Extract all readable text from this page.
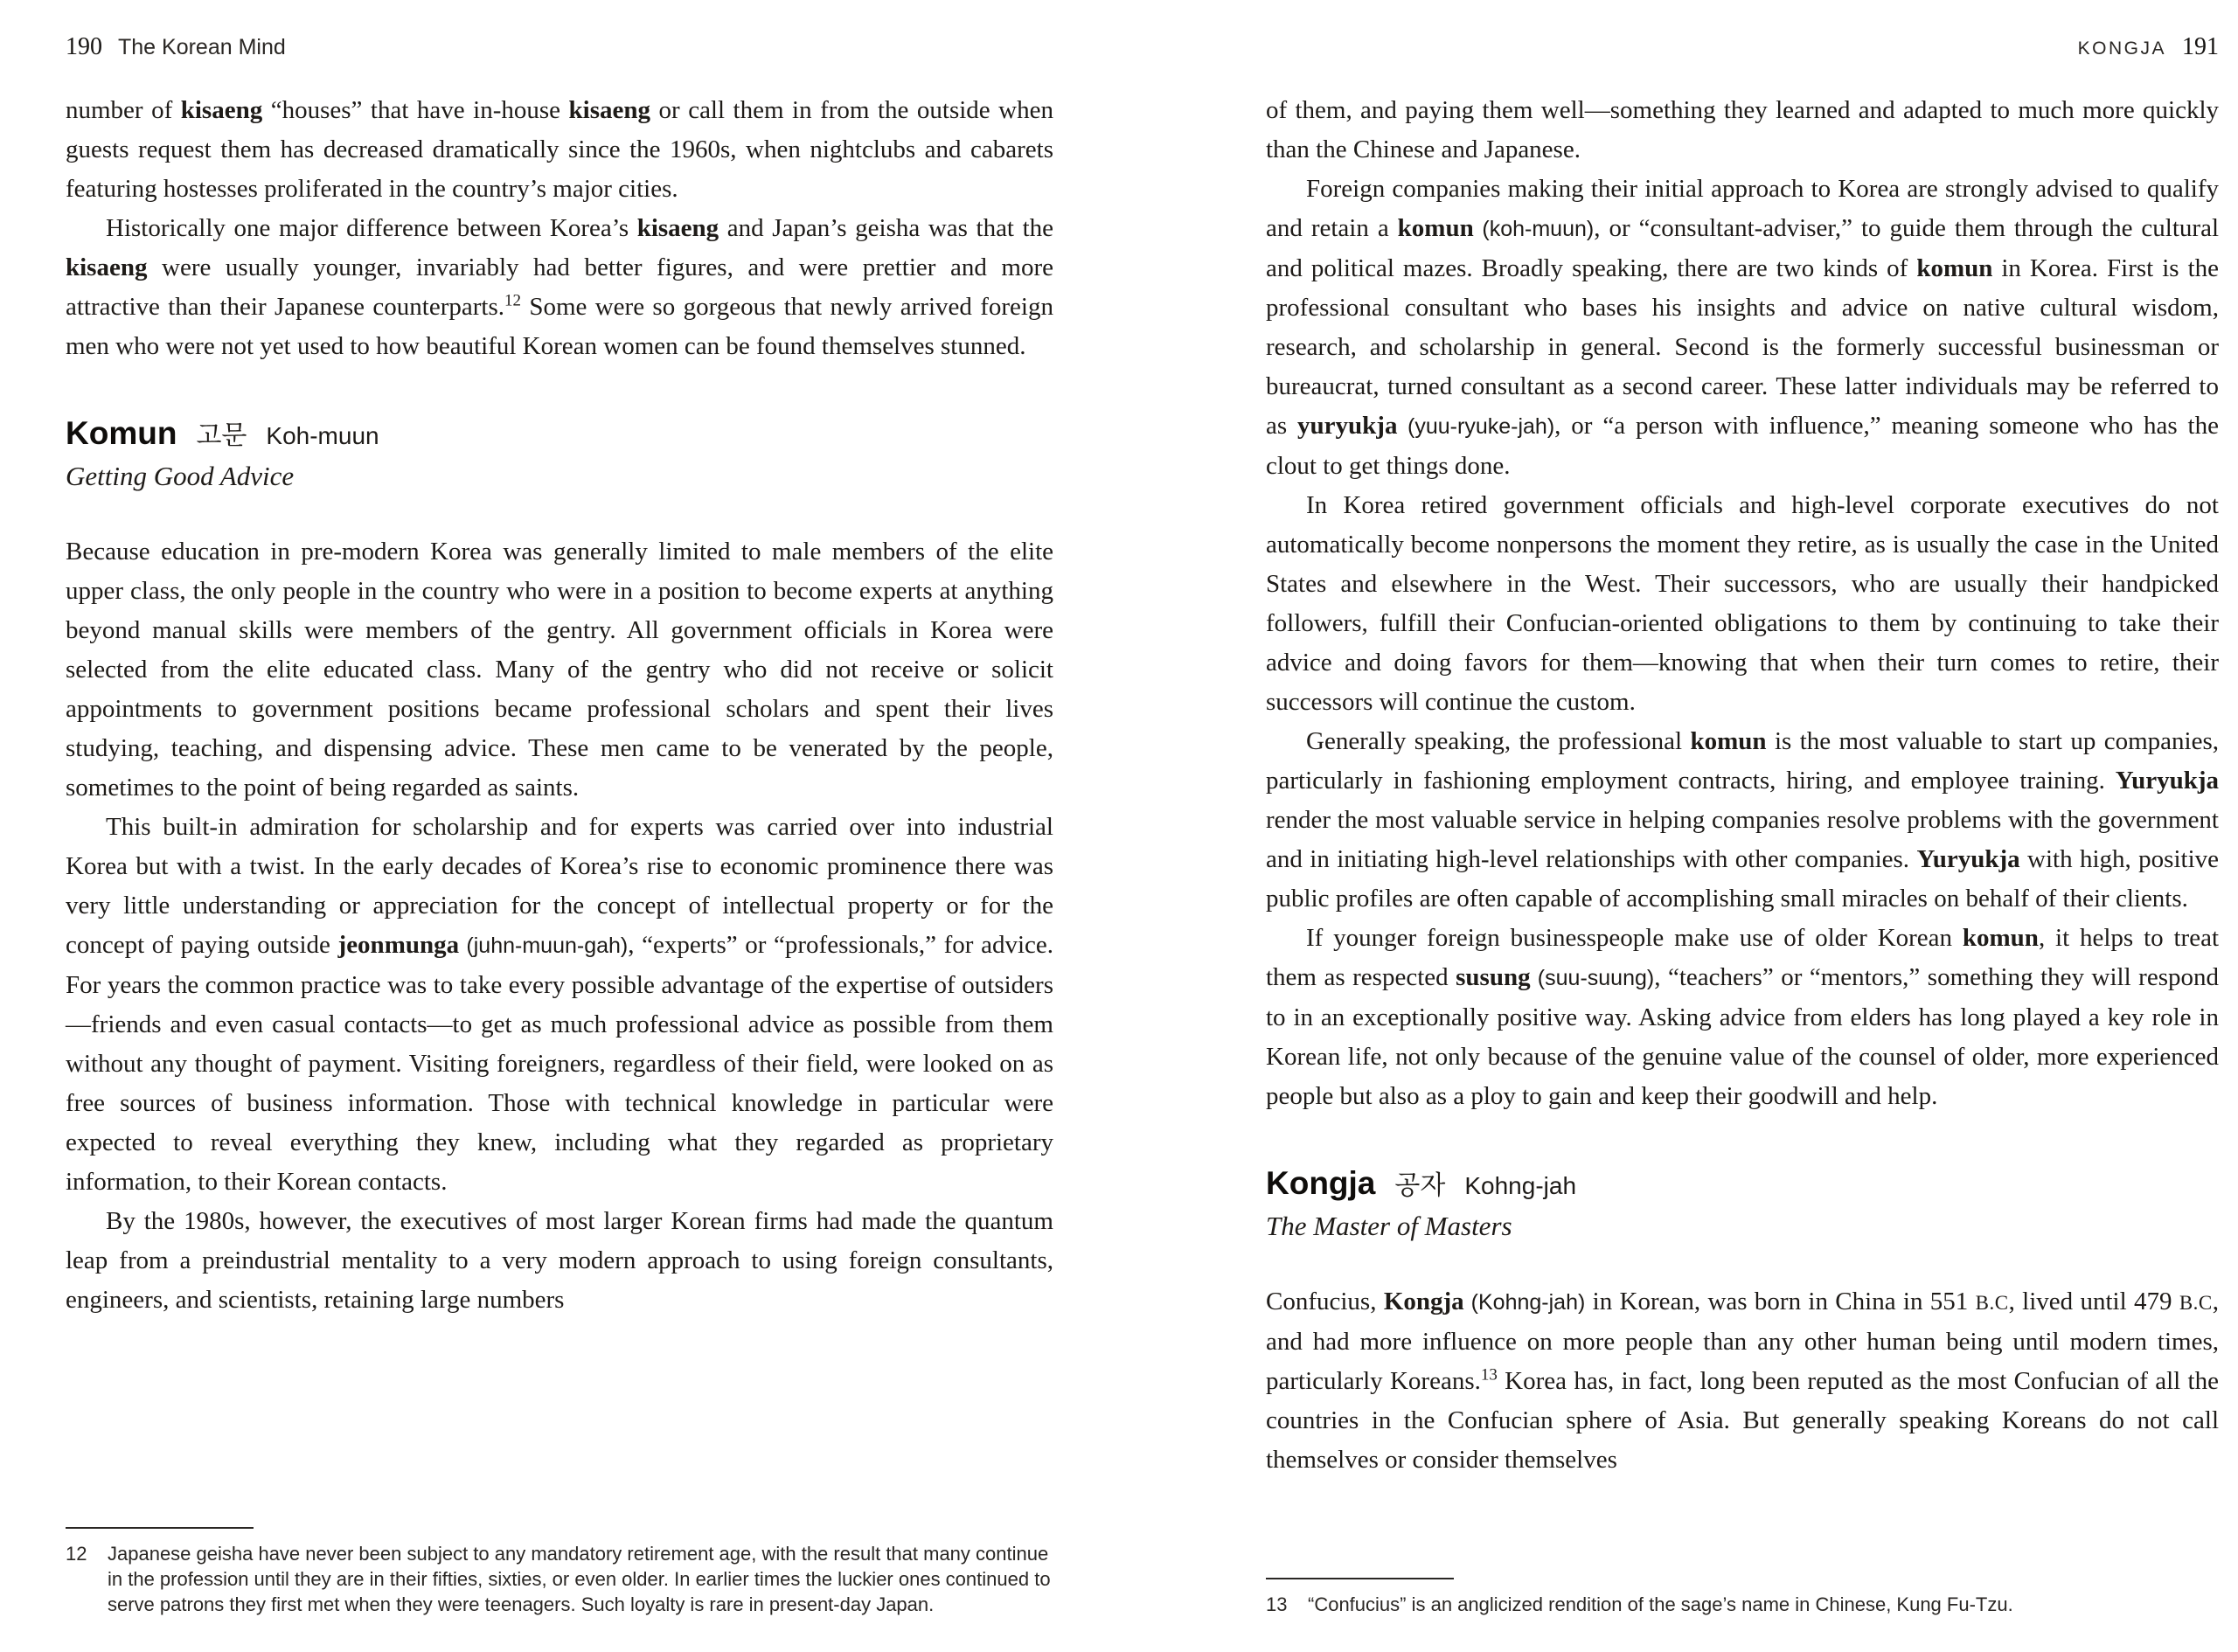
190 The Korean Mind

number of kisaeng “houses” that have in-house kisaeng or call them in from the outside when guests request them has decreased dramatically since the 1960s, when nightclubs and cabarets featuring hostesses proliferated in the country’s major cities.

Historically one major difference between Korea’s kisaeng and Japan’s geisha was that the kisaeng were usually younger, invariably had better figures, and were prettier and more attractive than their Japanese counterparts.$^{12}$ Some were so gorgeous that newly arrived foreign men who were not yet used to how beautiful Korean women can be found themselves stunned.

Komun 고문 Koh-muun
Getting Good Advice

Because education in pre-modern Korea was generally limited to male members of the elite upper class, the only people in the country who were in a position to become experts at anything beyond manual skills were members of the gentry. All government officials in Korea were selected from the elite educated class. Many of the gentry who did not receive or solicit appointments to government positions became professional scholars and spent their lives studying, teaching, and dispensing advice. These men came to be venerated by the people, sometimes to the point of being regarded as saints.

This built-in admiration for scholarship and for experts was carried over into industrial Korea but with a twist. In the early decades of Korea’s rise to economic prominence there was very little understanding or appreciation for the concept of intellectual property or for the concept of paying outside jeonmunga (juhn-muun-gah), “experts” or “professionals,” for advice. For years the common practice was to take every possible advantage of the expertise of outsiders—friends and even casual contacts—to get as much professional advice as possible from them without any thought of payment. Visiting foreigners, regardless of their field, were looked on as free sources of business information. Those with technical knowledge in particular were expected to reveal everything they knew, including what they regarded as proprietary information, to their Korean contacts.

By the 1980s, however, the executives of most larger Korean firms had made the quantum leap from a preindustrial mentality to a very modern approach to using foreign consultants, engineers, and scientists, retaining large numbers

12	Japanese geisha have never been subject to any mandatory retirement age, with the result that many continue in the profession until they are in their fifties, sixties, or even older. In earlier times the luckier ones continued to serve patrons they first met when they were teenagers. Such loyalty is rare in present-day Japan.
KONGJA 191

of them, and paying them well—something they learned and adapted to much more quickly than the Chinese and Japanese.

Foreign companies making their initial approach to Korea are strongly advised to qualify and retain a komun (koh-muun), or “consultant-adviser,” to guide them through the cultural and political mazes. Broadly speaking, there are two kinds of komun in Korea. First is the professional consultant who bases his insights and advice on native cultural wisdom, research, and scholarship in general. Second is the formerly successful businessman or bureaucrat, turned consultant as a second career. These latter individuals may be referred to as yuryukja (yuu-ryuke-jah), or “a person with influence,” meaning someone who has the clout to get things done.

In Korea retired government officials and high-level corporate executives do not automatically become nonpersons the moment they retire, as is usually the case in the United States and elsewhere in the West. Their successors, who are usually their handpicked followers, fulfill their Confucian-oriented obligations to them by continuing to take their advice and doing favors for them—knowing that when their turn comes to retire, their successors will continue the custom.

Generally speaking, the professional komun is the most valuable to start up companies, particularly in fashioning employment contracts, hiring, and employee training. Yuryukja render the most valuable service in helping companies resolve problems with the government and in initiating high-level relationships with other companies. Yuryukja with high, positive public profiles are often capable of accomplishing small miracles on behalf of their clients.

If younger foreign businesspeople make use of older Korean komun, it helps to treat them as respected susung (suu-suung), “teachers” or “mentors,” something they will respond to in an exceptionally positive way. Asking advice from elders has long played a key role in Korean life, not only because of the genuine value of the counsel of older, more experienced people but also as a ploy to gain and keep their goodwill and help.

Kongja 공자 Kohng-jah
The Master of Masters

Confucius, Kongja (Kohng-jah) in Korean, was born in China in 551 B.C, lived until 479 B.C, and had more influence on more people than any other human being until modern times, particularly Koreans.$^{13}$ Korea has, in fact, long been reputed as the most Confucian of all the countries in the Confucian sphere of Asia. But generally speaking Koreans do not call themselves or consider themselves

13	“Confucius” is an anglicized rendition of the sage’s name in Chinese, Kung Fu-Tzu.
